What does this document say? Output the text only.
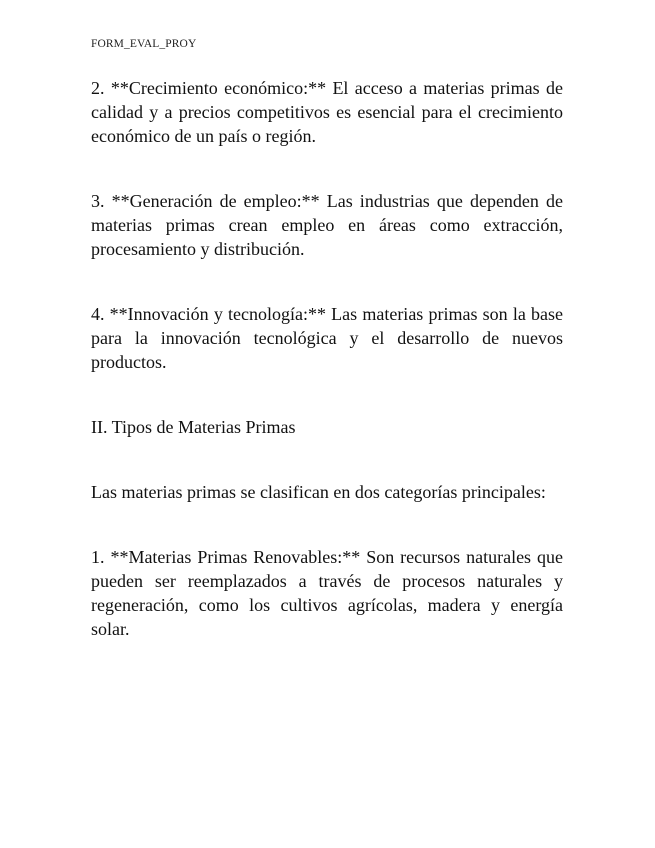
FORM_EVAL_PROY

2. **Crecimiento económico:** El acceso a materias primas de calidad y a precios competitivos es esencial para el crecimiento económico de un país o región.

3. **Generación de empleo:** Las industrias que dependen de materias primas crean empleo en áreas como extracción, procesamiento y distribución.

4. **Innovación y tecnología:** Las materias primas son la base para la innovación tecnológica y el desarrollo de nuevos productos.

II. Tipos de Materias Primas

Las materias primas se clasifican en dos categorías principales:

1. **Materias Primas Renovables:** Son recursos naturales que pueden ser reemplazados a través de procesos naturales y regeneración, como los cultivos agrícolas, madera y energía solar.
